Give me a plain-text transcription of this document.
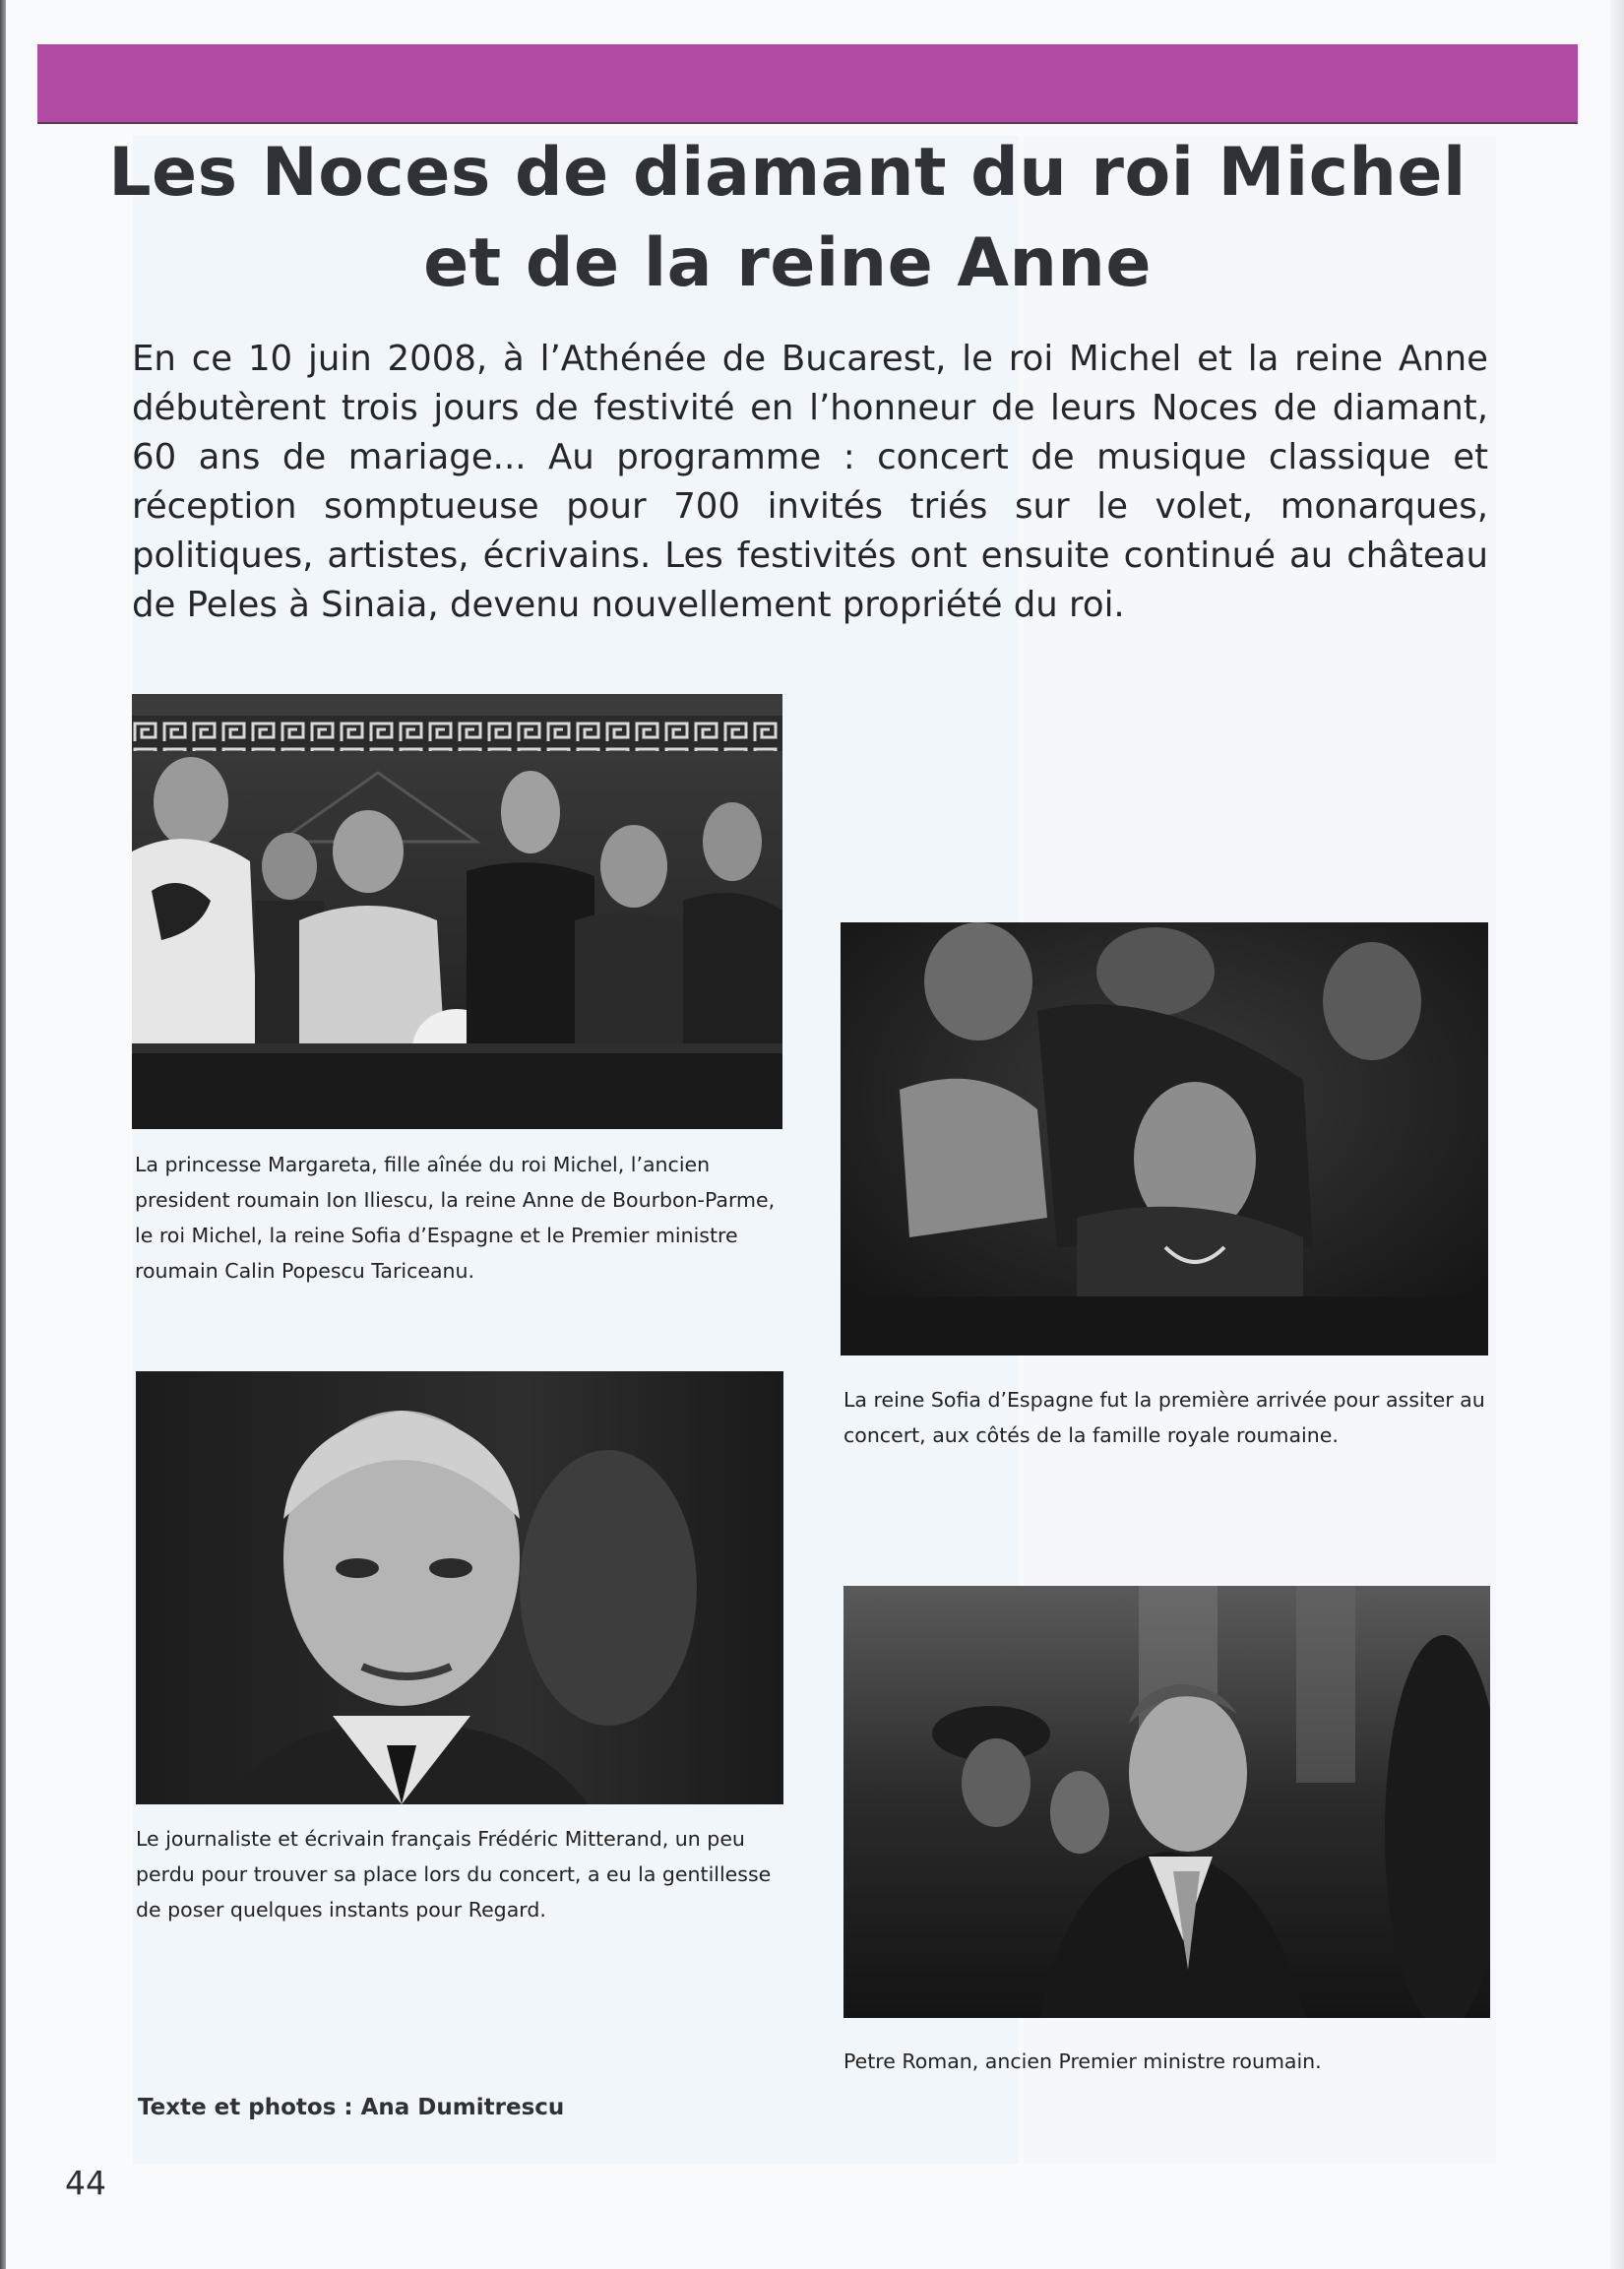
Les Noces de diamant du roi Michel
et de la reine Anne

En ce 10 juin 2008, à l’Athénée de Bucarest, le roi Michel et la reine Anne débutèrent trois jours de festivité en l’honneur de leurs Noces de diamant, 60 ans de mariage... Au programme : concert de musique classique et réception somptueuse pour 700 invités triés sur le volet, monarques, politiques, artistes, écrivains. Les festivités ont ensuite continué au château de Peles à Sinaia, devenu nouvellement propriété du roi.

La princesse Margareta, fille aînée du roi Michel, l’ancien president roumain Ion Iliescu, la reine Anne de Bourbon-Parme, le roi Michel, la reine Sofia d’Espagne et le Premier ministre roumain Calin Popescu Tariceanu.
La reine Sofia d’Espagne fut la première arrivée pour assiter au concert, aux côtés de la famille royale roumaine.
Le journaliste et écrivain français Frédéric Mitterand, un peu perdu pour trouver sa place lors du concert, a eu la gentillesse de poser quelques instants pour Regard.
Petre Roman, ancien Premier ministre roumain.
Texte et photos : Ana Dumitrescu
44
